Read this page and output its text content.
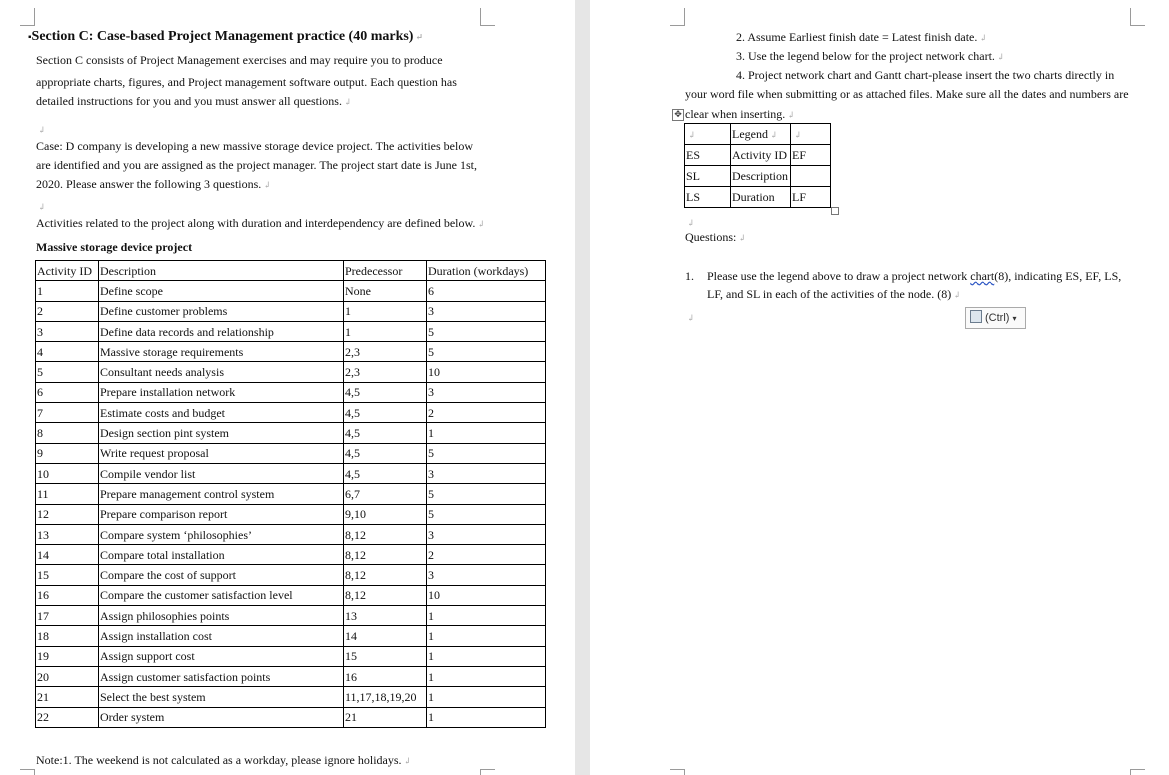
▪Section C: Case-based Project Management practice (40 marks) ↵
Section C consists of Project Management exercises and may require you to produce
appropriate charts, figures, and Project management software output. Each question has
detailed instructions for you and you must answer all questions. ↲
↲
Case: D company is developing a new massive storage device project. The activities below
are identified and you are assigned as the project manager. The project start date is June 1st,
2020. Please answer the following 3 questions. ↲
↲
Activities related to the project along with duration and interdependency are defined below. ↲
Massive storage device project
Activity ID	Description	Predecessor	Duration (workdays)
1	Define scope	None	6
2	Define customer problems	1	3
3	Define data records and relationship	1	5
4	Massive storage requirements	2,3	5
5	Consultant needs analysis	2,3	10
6	Prepare installation network	4,5	3
7	Estimate costs and budget	4,5	2
8	Design section pint system	4,5	1
9	Write request proposal	4,5	5
10	Compile vendor list	4,5	3
11	Prepare management control system	6,7	5
12	Prepare comparison report	9,10	5
13	Compare system ‘philosophies’	8,12	3
14	Compare total installation	8,12	2
15	Compare the cost of support	8,12	3
16	Compare the customer satisfaction level	8,12	10
17	Assign philosophies points	13	1
18	Assign installation cost	14	1
19	Assign support cost	15	1
20	Assign customer satisfaction points	16	1
21	Select the best system	11,17,18,19,20	1
22	Order system	21	1
Note:1. The weekend is not calculated as a workday, please ignore holidays. ↲
2. Assume Earliest finish date = Latest finish date. ↲
3. Use the legend below for the project network chart. ↲
4. Project network chart and Gantt chart-please insert the two charts directly in
your word file when submitting or as attached files. Make sure all the dates and numbers are
✥ clear when inserting. ↲
↲	Legend ↲	↲
ES	Activity ID	EF
SL	Description	
LS	Duration	LF
↲
Questions: ↲
1. Please use the legend above to draw a project network chart(8), indicating ES, EF, LS,
LF, and SL in each of the activities of the node. (8) ↲
↲	(Ctrl) ▾
